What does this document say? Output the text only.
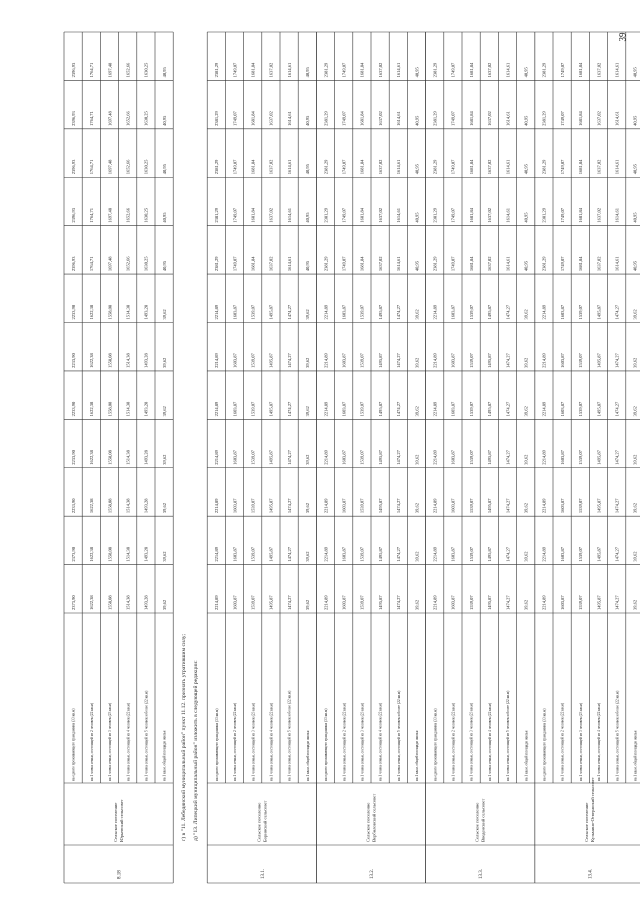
39
8.18
Сельское поселение Юрьевский сельсовет
на одного проживающего гражданина (33 кв.м)
2373,90
2373,90
2233,90
2233,90
2233,90
2233,90
2233,90
2396,93
2396,93
2396,93
2396,93
2396,93
на 1 члена семьи, состоящей из 2 человек (22 кв.м)
1622,38
1622,38
1622,38
1622,38
1622,38
1622,38
1622,38
1764,71
1764,71
1764,71
1764,71
1764,71
на 1 члена семьи, состоящей из 3 человек (23 кв.м)
1558,08
1558,08
1558,08
1558,08
1558,08
1558,08
1558,08
1697,48
1697,48
1697,48
1697,48
1697,48
на 1 члена семьи, состоящей из 4 человек (22 кв.м)
1514,38
1514,38
1514,38
1514,38
1514,38
1514,38
1514,38
1652,66
1652,66
1652,66
1652,66
1652,66
на 1 члена семьи, состоящей из 5 человек и более (22 кв.м)
1493,28
1493,28
1493,28
1493,28
1493,28
1493,28
1493,28
1630,25
1630,25
1630,25
1630,25
1630,25
на 1 кв.м. общей площади жилья
39,62
39,62
39,62
39,62
39,62
39,62
39,62
40,95
40,95
40,95
40,95
40,95
г) в "11. Лебедянский муниципальный район" пункт 11.12. признать утратившим силу; д) "13. Липецкий муниципальный район" изложить в следующей редакции:
13.1.
Сельское поселение Боринский сельсовет
на одного проживающего гражданина (33 кв.м)
2214,89
2214,89
2214,89
2214,89
2214,89
2214,89
2214,89
2381,29
2381,29
2381,29
2381,29
2381,29
на 1 члена семьи, состоящей из 2 человек (22 кв.м)
1603,87
1603,87
1603,87
1603,87
1603,87
1603,87
1603,87
1749,07
1749,07
1749,07
1749,07
1749,07
на 1 члена семьи, состоящей из 3 человек (23 кв.м)
1539,07
1539,07
1539,07
1539,07
1539,07
1539,07
1539,07
1681,84
1681,84
1681,84
1681,84
1681,84
на 1 члена семьи, состоящей из 4 человек (22 кв.м)
1495,87
1495,87
1495,87
1495,87
1495,87
1495,87
1495,87
1637,02
1637,02
1637,02
1637,02
1637,02
на 1 члена семьи, состоящей из 5 человек и более (22 кв.м)
1474,27
1474,27
1474,27
1474,27
1474,27
1474,27
1474,27
1614,61
1614,61
1614,61
1614,61
1614,61
на 1 кв.м. общей площади жилья
39,62
39,62
39,62
39,62
39,62
39,62
39,62
40,95
40,95
40,95
40,95
40,95
13.2.
Сельское поселение Вербиловский сельсовет
на одного проживающего гражданина (33 кв.м)
2214,89
2214,89
2214,89
2214,89
2214,89
2214,89
2214,89
2381,29
2381,29
2381,29
2381,29
2381,29
на 1 члена семьи, состоящей из 2 человек (22 кв.м)
1603,87
1603,87
1603,87
1603,87
1603,87
1603,87
1603,87
1749,07
1749,07
1749,07
1749,07
1749,07
на 1 члена семьи, состоящей из 3 человек (23 кв.м)
1539,07
1539,07
1539,07
1539,07
1539,07
1539,07
1539,07
1681,84
1681,84
1681,84
1681,84
1681,84
на 1 члена семьи, состоящей из 4 человек (22 кв.м)
1495,87
1495,87
1495,87
1495,87
1495,87
1495,87
1495,87
1637,02
1637,02
1637,02
1637,02
1637,02
на 1 члена семьи, состоящей из 5 человек и более (22 кв.м)
1474,27
1474,27
1474,27
1474,27
1474,27
1474,27
1474,27
1614,61
1614,61
1614,61
1614,61
1614,61
на 1 кв.м. общей площади жилья
39,62
39,62
39,62
39,62
39,62
39,62
39,62
40,95
40,95
40,95
40,95
40,95
13.3.
Сельское поселение Введенский сельсовет
на одного проживающего гражданина (33 кв.м)
2214,89
2214,89
2214,89
2214,89
2214,89
2214,89
2214,89
2381,29
2381,29
2381,29
2381,29
2381,29
на 1 члена семьи, состоящей из 2 человек (22 кв.м)
1603,87
1603,87
1603,87
1603,87
1603,87
1603,87
1603,87
1749,07
1749,07
1749,07
1749,07
1749,07
на 1 члена семьи, состоящей из 3 человек (23 кв.м)
1539,07
1539,07
1539,07
1539,07
1539,07
1539,07
1539,07
1681,84
1681,84
1681,84
1681,84
1681,84
на 1 члена семьи, состоящей из 4 человек (22 кв.м)
1495,87
1495,87
1495,87
1495,87
1495,87
1495,87
1495,87
1637,02
1637,02
1637,02
1637,02
1637,02
на 1 члена семьи, состоящей из 5 человек и более (22 кв.м)
1474,27
1474,27
1474,27
1474,27
1474,27
1474,27
1474,27
1614,61
1614,61
1614,61
1614,61
1614,61
на 1 кв.м. общей площади жилья
39,62
39,62
39,62
39,62
39,62
39,62
39,62
40,95
40,95
40,95
40,95
40,95
13.4.
Сельское поселение Кузьмино-Отвержский сельсовет
на одного проживающего гражданина (33 кв.м)
2214,89
2214,89
2214,89
2214,89
2214,89
2214,89
2214,89
2381,29
2381,29
2381,29
2381,29
2381,29
на 1 члена семьи, состоящей из 2 человек (22 кв.м)
1603,87
1603,87
1603,87
1603,87
1603,87
1603,87
1603,87
1749,07
1749,07
1749,07
1749,07
1749,07
на 1 члена семьи, состоящей из 3 человек (23 кв.м)
1539,07
1539,07
1539,07
1539,07
1539,07
1539,07
1539,07
1681,84
1681,84
1681,84
1681,84
1681,84
на 1 члена семьи, состоящей из 4 человек (22 кв.м)
1495,87
1495,87
1495,87
1495,87
1495,87
1495,87
1495,87
1637,02
1637,02
1637,02
1637,02
1637,02
на 1 члена семьи, состоящей из 5 человек и более (22 кв.м)
1474,27
1474,27
1474,27
1474,27
1474,27
1474,27
1474,27
1614,61
1614,61
1614,61
1614,61
1614,61
на 1 кв.м. общей площади жилья
39,62
39,62
39,62
39,62
39,62
39,62
39,62
40,95
40,95
40,95
40,95
40,95
